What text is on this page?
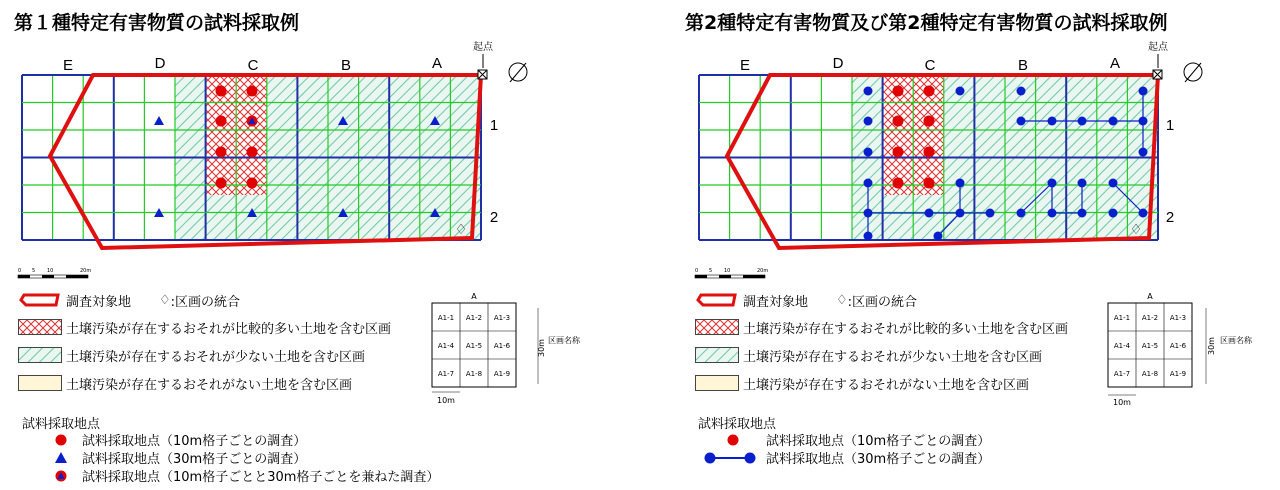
第１種特定有害物質の試料採取例
E	D	C	B	A
起点
1
2
♢
0 5 10	20m
A
A1-1 A1-2 A1-3
A1-4 A1-5 A1-6
A1-7 A1-8 A1-9
30m 区画名称
10m
調査対象地 ♢ :区画の統合
土壌汚染が存在するおそれが比較的多い土地を含む区画
土壌汚染が存在するおそれが少ない土地を含む区画
土壌汚染が存在するおそれがない土地を含む区画
試料採取地点
試料採取地点（10m格子ごとの調査）
試料採取地点（30m格子ごとの調査）
試料採取地点（10m格子ごとと30m格子ごとを兼ねた調査）
第2種特定有害物質及び第2種特定有害物質の試料採取例
E	D	C	B	A
起点
1
2
♢
0 5 10	20m
A
A1-1 A1-2 A1-3
A1-4 A1-5 A1-6
A1-7 A1-8 A1-9
30m 区画名称
10m
調査対象地 ♢ :区画の統合
土壌汚染が存在するおそれが比較的多い土地を含む区画
土壌汚染が存在するおそれが少ない土地を含む区画
土壌汚染が存在するおそれがない土地を含む区画
試料採取地点
試料採取地点（10m格子ごとの調査）
試料採取地点（30m格子ごとの調査）
